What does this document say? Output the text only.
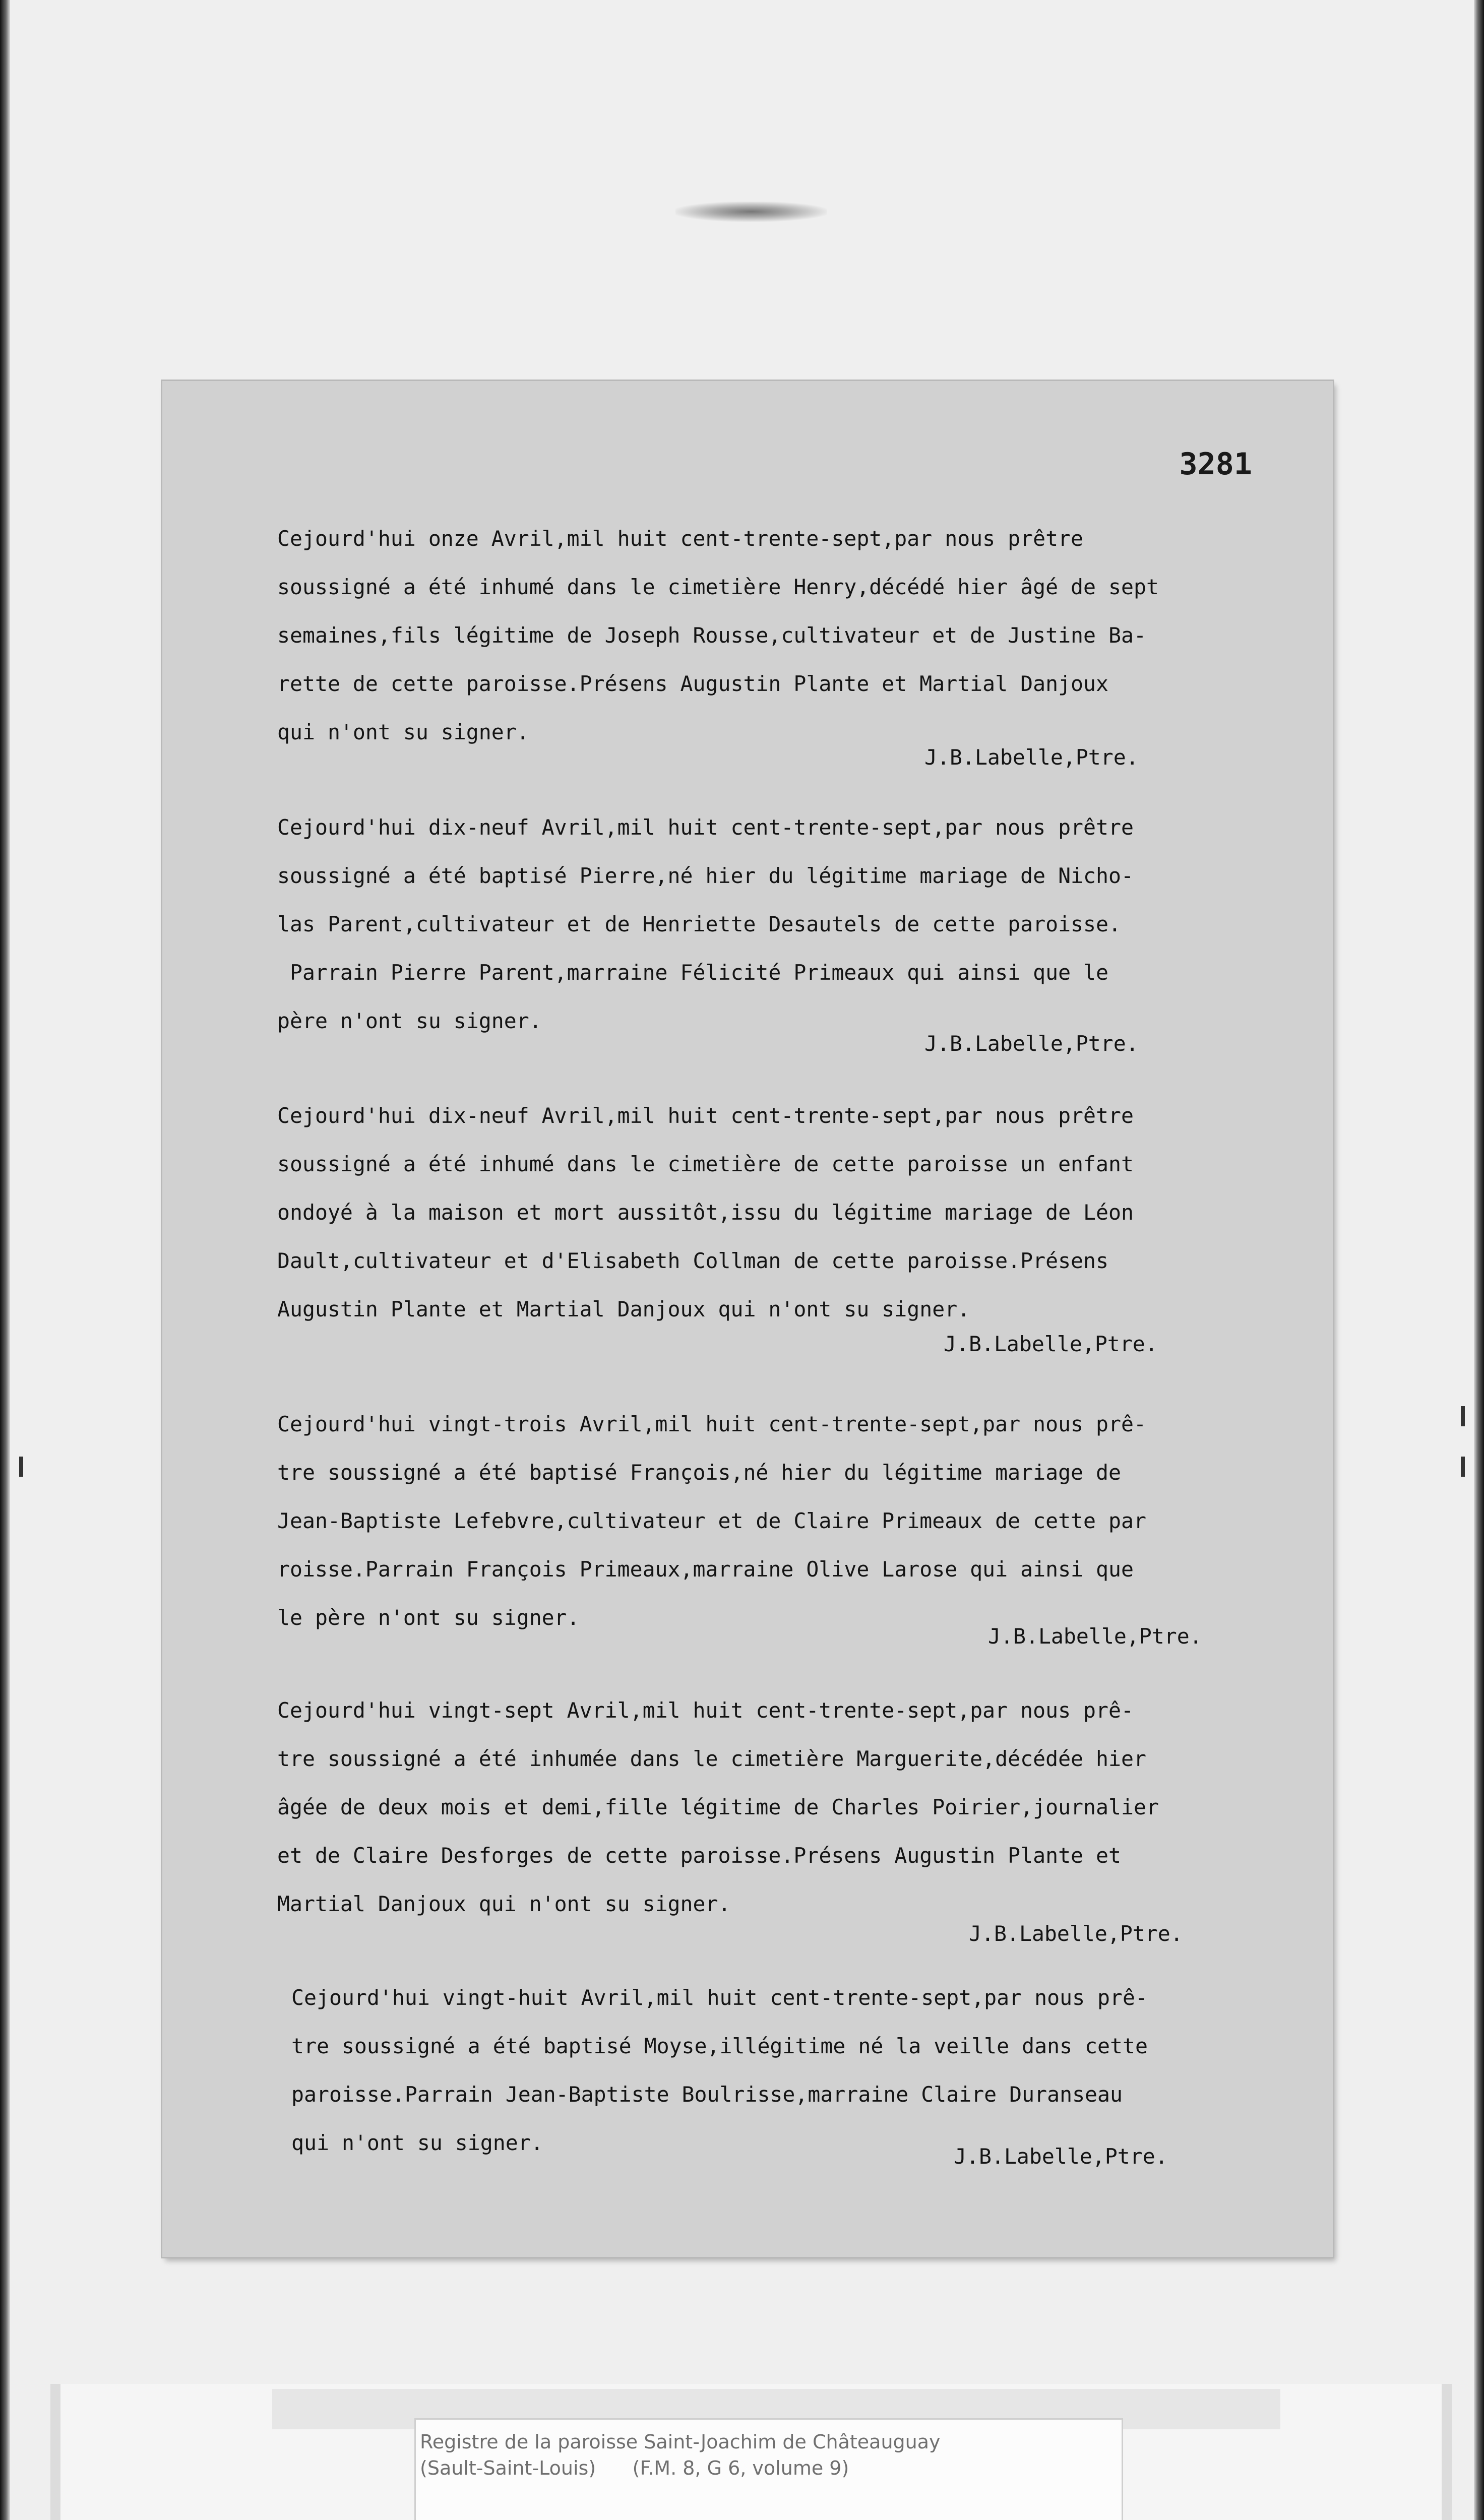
3281
Cejourd'hui onze Avril,mil huit cent-trente-sept,par nous prêtre
soussigné a été inhumé dans le cimetière Henry,décédé hier âgé de sept
semaines,fils légitime de Joseph Rousse,cultivateur et de Justine Ba-
rette de cette paroisse.Présens Augustin Plante et Martial Danjoux
qui n'ont su signer.
J.B.Labelle,Ptre.
Cejourd'hui dix-neuf Avril,mil huit cent-trente-sept,par nous prêtre
soussigné a été baptisé Pierre,né hier du légitime mariage de Nicho-
las Parent,cultivateur et de Henriette Desautels de cette paroisse.
Parrain Pierre Parent,marraine Félicité Primeaux qui ainsi que le
père n'ont su signer.
J.B.Labelle,Ptre.
Cejourd'hui dix-neuf Avril,mil huit cent-trente-sept,par nous prêtre
soussigné a été inhumé dans le cimetière de cette paroisse un enfant
ondoyé à la maison et mort aussitôt,issu du légitime mariage de Léon
Dault,cultivateur et d'Elisabeth Collman de cette paroisse.Présens
Augustin Plante et Martial Danjoux qui n'ont su signer.
J.B.Labelle,Ptre.
Cejourd'hui vingt-trois Avril,mil huit cent-trente-sept,par nous prê-
tre soussigné a été baptisé François,né hier du légitime mariage de
Jean-Baptiste Lefebvre,cultivateur et de Claire Primeaux de cette par
roisse.Parrain François Primeaux,marraine Olive Larose qui ainsi que
le père n'ont su signer.
J.B.Labelle,Ptre.
Cejourd'hui vingt-sept Avril,mil huit cent-trente-sept,par nous prê-
tre soussigné a été inhumée dans le cimetière Marguerite,décédée hier
âgée de deux mois et demi,fille légitime de Charles Poirier,journalier
et de Claire Desforges de cette paroisse.Présens Augustin Plante et
Martial Danjoux qui n'ont su signer.
J.B.Labelle,Ptre.
Cejourd'hui vingt-huit Avril,mil huit cent-trente-sept,par nous prê-
tre soussigné a été baptisé Moyse,illégitime né la veille dans cette
paroisse.Parrain Jean-Baptiste Boulrisse,marraine Claire Duranseau
qui n'ont su signer.
J.B.Labelle,Ptre.
Registre de la paroisse Saint-Joachim de Châteauguay
(Sault-Saint-Louis)      (F.M. 8, G 6, volume 9)
